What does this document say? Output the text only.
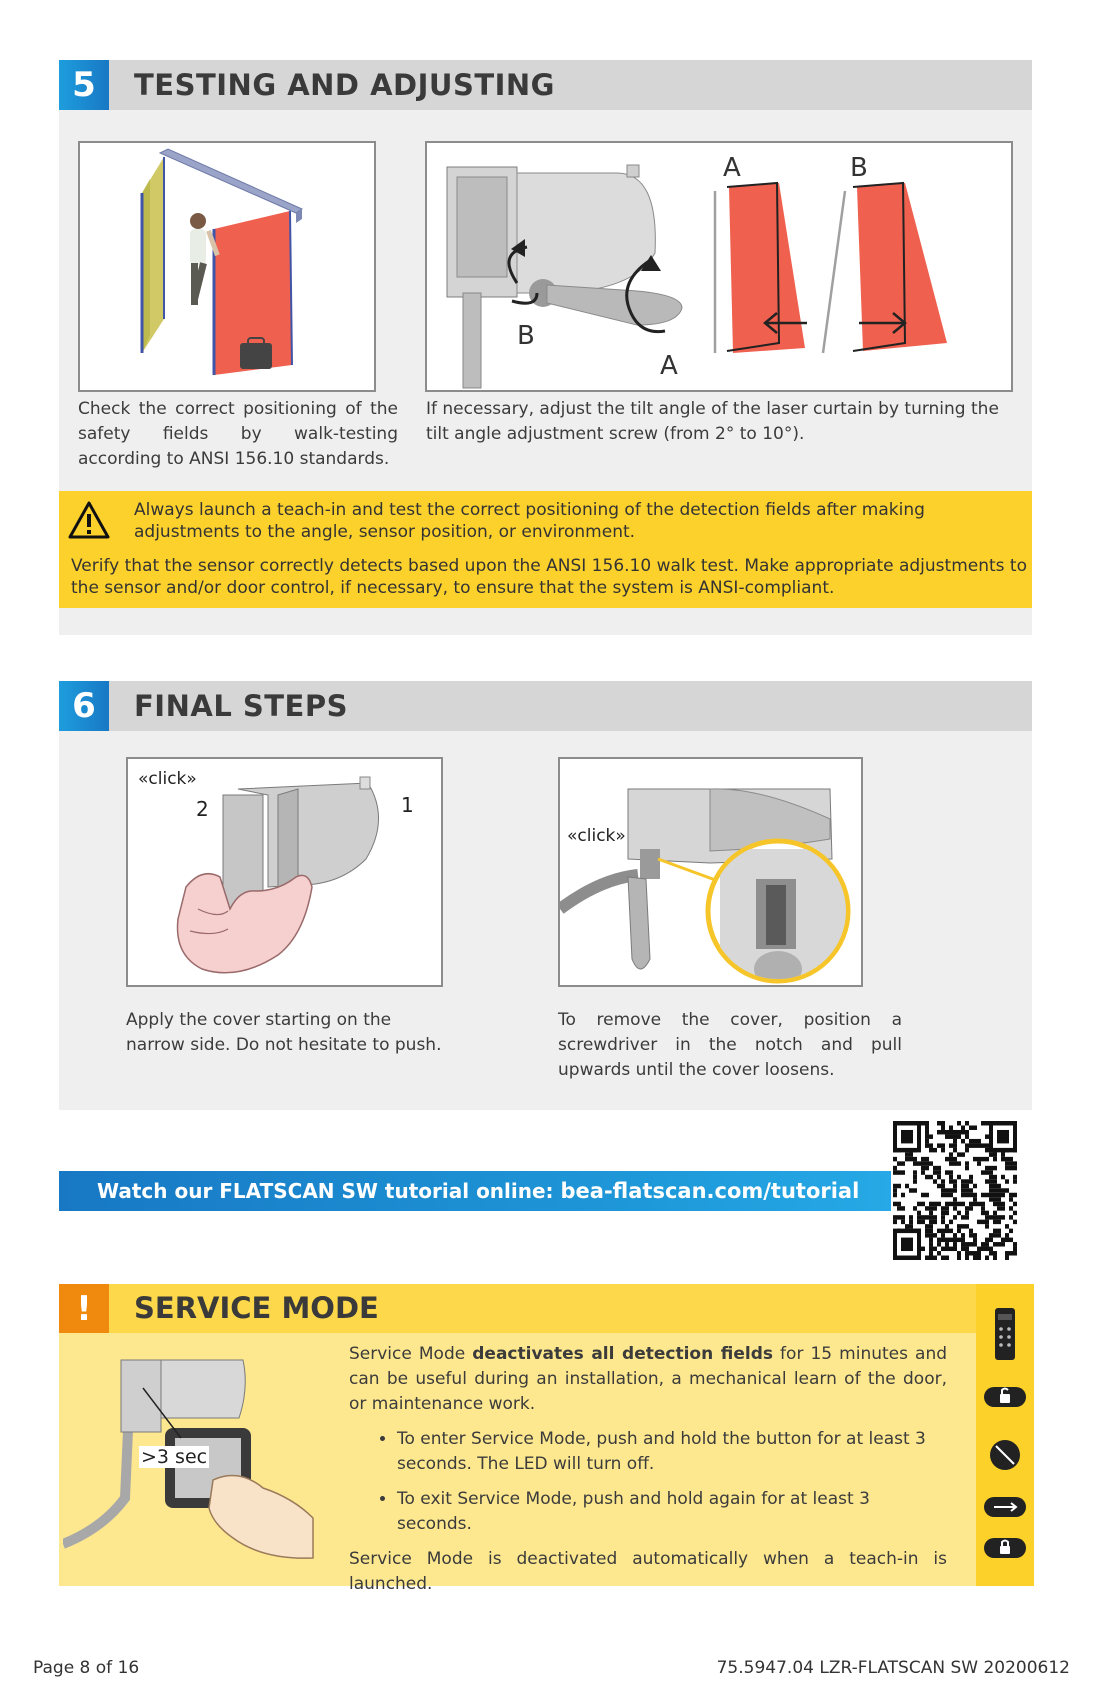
5	TESTING AND ADJUSTING
Check the correct positioning of the safety fields by walk-testing according to ANSI 156.10 standards.
A	B
B
A
If necessary, adjust the tilt angle of the laser curtain by turning the tilt angle adjustment screw (from 2° to 10°).

Always launch a teach-in and test the correct positioning of the detection fields after making adjustments to the angle, sensor position, or environment.

Verify that the sensor correctly detects based upon the ANSI 156.10 walk test. Make appropriate adjustments to the sensor and/or door control, if necessary, to ensure that the system is ANSI-compliant.

6	FINAL STEPS
«click»
2	1
Apply the cover starting on the narrow side. Do not hesitate to push.
«click»
To remove the cover, position a screwdriver in the notch and pull upwards until the cover loosens.
Watch our FLATSCAN SW tutorial online: bea-flatscan.com/tutorial
!	SERVICE MODE
>3 sec

Service Mode deactivates all detection fields for 15 minutes and can be useful during an installation, a mechanical learn of the door, or maintenance work.

• To enter Service Mode, push and hold the button for at least 3 seconds. The LED will turn off.
• To exit Service Mode, push and hold again for at least 3 seconds.

Service Mode is deactivated automatically when a teach-in is launched.

Page 8 of 16	75.5947.04 LZR-FLATSCAN SW 20200612
